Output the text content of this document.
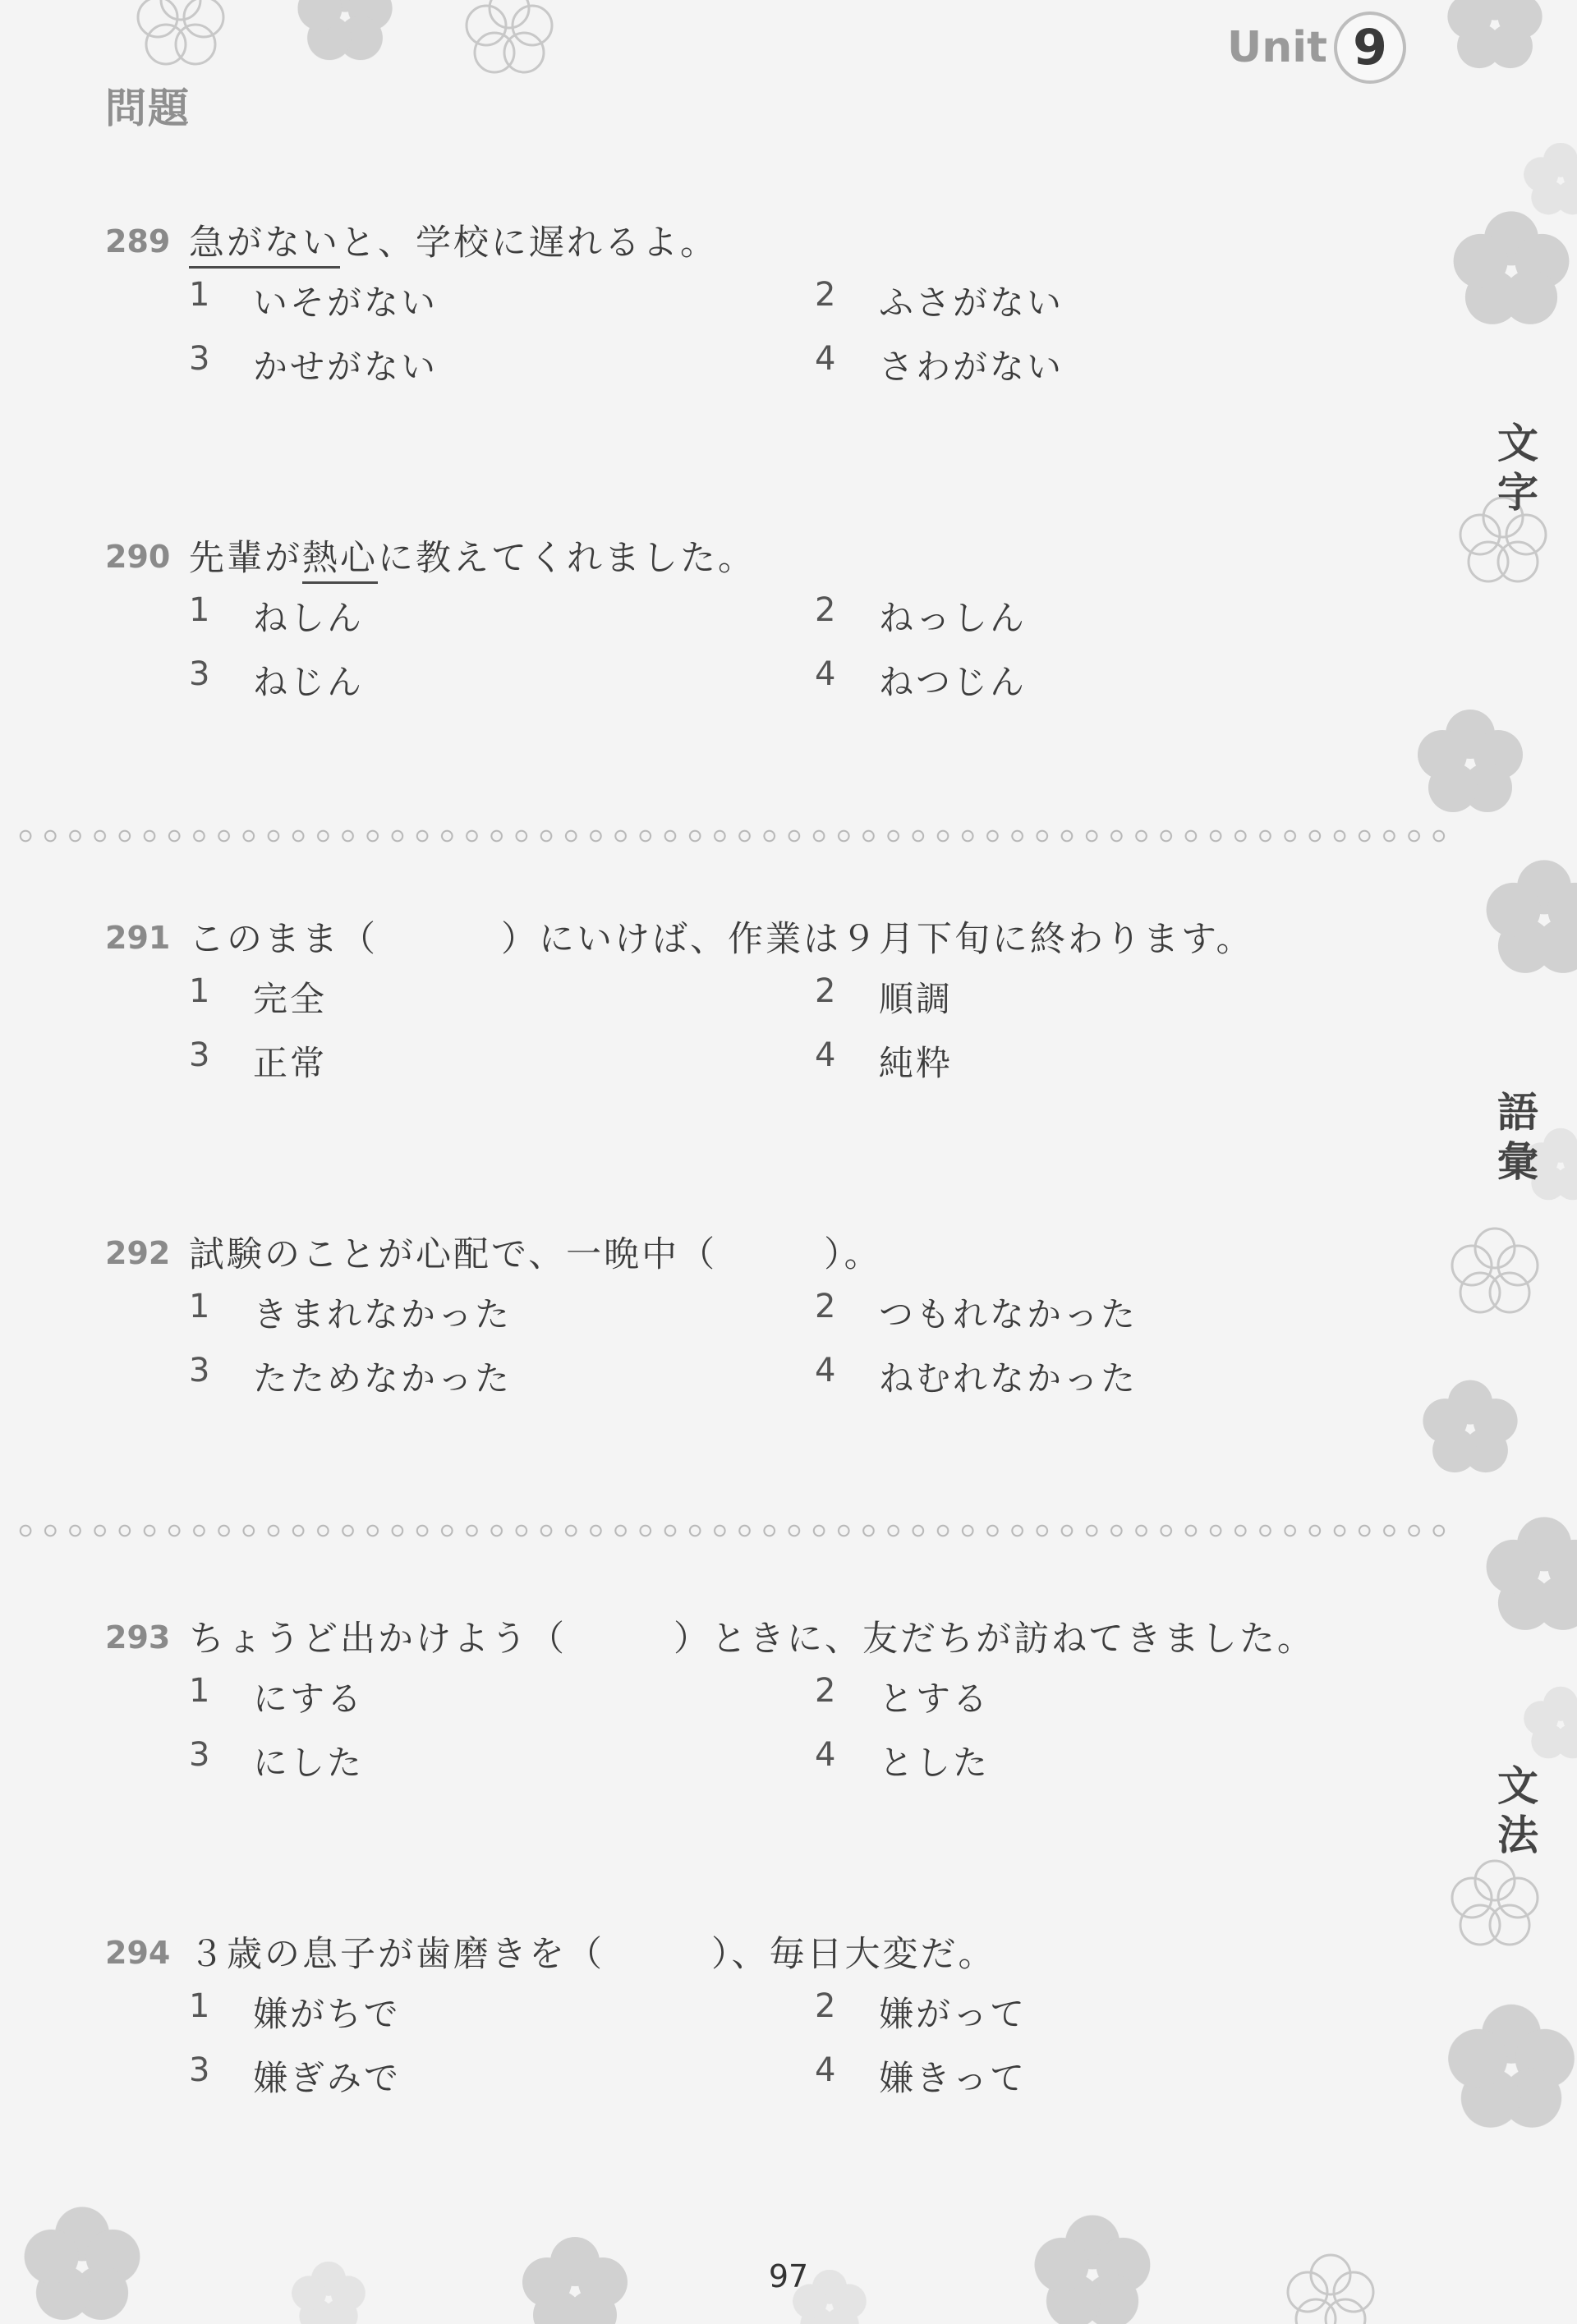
問題
Unit 9
289 急がないと、学校に遅れるよ。
1 いそがない	2 ふさがない
3 かせがない	4 さわがない
290 先輩が熱心に教えてくれました。
1 ねしん	2 ねっしん
3 ねじん	4 ねつじん
291 このまま（	）にいけば、作業は９月下旬に終わります。
1 完全	2 順調
3 正常	4 純粋
292 試験のことが心配で、一晩中（	）。
1 きまれなかった	2 つもれなかった
3 たためなかった	4 ねむれなかった
293 ちょうど出かけよう（	）ときに、友だちが訪ねてきました。
1 にする	2 とする
3 にした	4 とした
294 ３歳の息子が歯磨きを（	）、毎日大変だ。
1 嫌がちで	2 嫌がって
3 嫌ぎみで	4 嫌きって
文
字
語
彙
文
法
97
